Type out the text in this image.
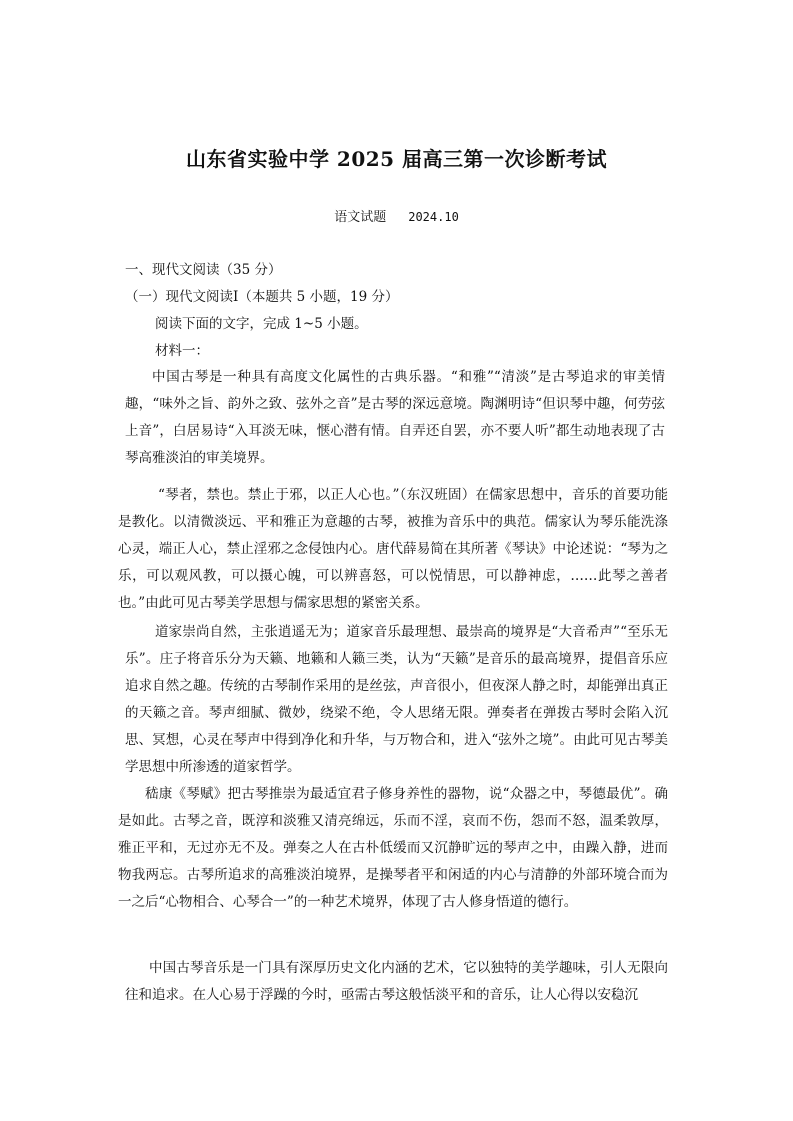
山东省实验中学 2025 届高三第一次诊断考试
语文试题 2024.10
一、现代文阅读（35 分）
（一）现代文阅读Ⅰ（本题共 5 小题，19 分）
阅读下面的文字，完成 1~5 小题。
材料一：
中国古琴是一种具有高度文化属性的古典乐器。“和雅”“清淡”是古琴追求的审美情趣，“味外之旨、韵外之致、弦外之音”是古琴的深远意境。陶渊明诗“但识琴中趣，何劳弦上音”，白居易诗“入耳淡无味，惬心潜有情。自弄还自罢，亦不要人听”都生动地表现了古琴高雅淡泊的审美境界。
“琴者，禁也。禁止于邪，以正人心也。”（东汉班固）在儒家思想中，音乐的首要功能是教化。以清微淡远、平和雅正为意趣的古琴，被推为音乐中的典范。儒家认为琴乐能洗涤心灵，端正人心，禁止淫邪之念侵蚀内心。唐代薛易简在其所著《琴诀》中论述说：“琴为之乐，可以观风教，可以摄心魄，可以辨喜怒，可以悦情思，可以静神虑，……此琴之善者也。”由此可见古琴美学思想与儒家思想的紧密关系。
道家崇尚自然，主张逍遥无为；道家音乐最理想、最崇高的境界是“大音希声”“至乐无乐”。庄子将音乐分为天籁、地籁和人籁三类，认为“天籁”是音乐的最高境界，提倡音乐应追求自然之趣。传统的古琴制作采用的是丝弦，声音很小，但夜深人静之时，却能弹出真正的天籁之音。琴声细腻、微妙，绕梁不绝，令人思绪无限。弹奏者在弹拨古琴时会陷入沉思、冥想，心灵在琴声中得到净化和升华，与万物合和，进入“弦外之境”。由此可见古琴美学思想中所渗透的道家哲学。
嵇康《琴赋》把古琴推崇为最适宜君子修身养性的器物，说“众器之中，琴德最优”。确是如此。古琴之音，既淳和淡雅又清亮绵远，乐而不淫，哀而不伤，怨而不怒，温柔敦厚，雅正平和，无过亦无不及。弹奏之人在古朴低缓而又沉静旷远的琴声之中，由躁入静，进而物我两忘。古琴所追求的高雅淡泊境界，是操琴者平和闲适的内心与清静的外部环境合而为一之后“心物相合、心琴合一”的一种艺术境界，体现了古人修身悟道的德行。
中国古琴音乐是一门具有深厚历史文化内涵的艺术，它以独特的美学趣味，引人无限向往和追求。在人心易于浮躁的今时，亟需古琴这般恬淡平和的音乐，让人心得以安稳沉
